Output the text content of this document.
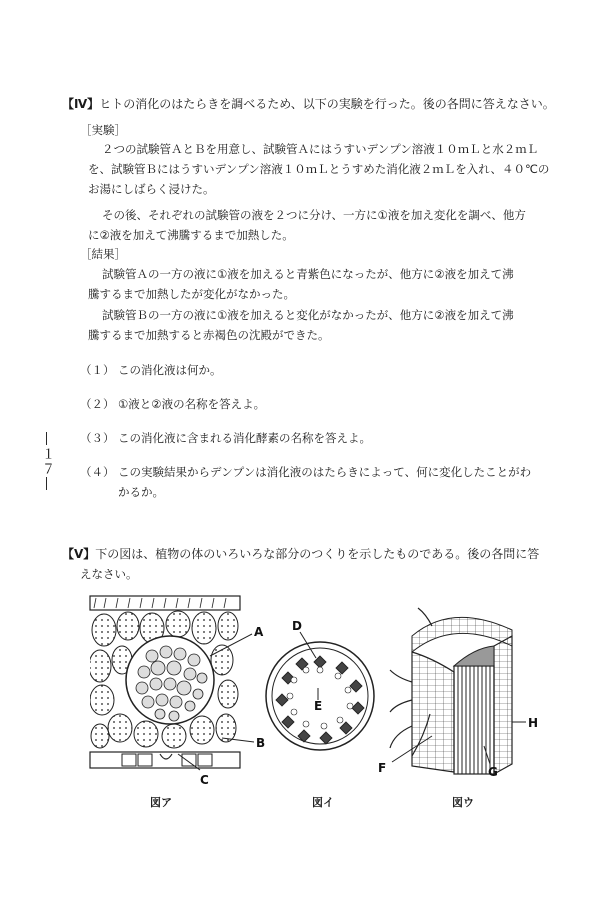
【Ⅳ】ヒトの消化のはたらきを調べるため、以下の実験を行った。後の各問に答えなさい。
［実験］
２つの試験管ＡとＢを用意し、試験管Ａにはうすいデンプン溶液１０ｍＬと水２ｍＬ
を、試験管Ｂにはうすいデンプン溶液１０ｍＬとうすめた消化液２ｍＬを入れ、４０℃の
お湯にしばらく浸けた。
その後、それぞれの試験管の液を２つに分け、一方に①液を加え変化を調べ、他方
に②液を加えて沸騰するまで加熱した。
［結果］
試験管Ａの一方の液に①液を加えると青紫色になったが、他方に②液を加えて沸
騰するまで加熱したが変化がなかった。
試験管Ｂの一方の液に①液を加えると変化がなかったが、他方に②液を加えて沸
騰するまで加熱すると赤褐色の沈殿ができた。
（１） この消化液は何か。
（２） ①液と②液の名称を答えよ。
（３） この消化液に含まれる消化酵素の名称を答えよ。
（４） この実験結果からデンプンは消化液のはたらきによって、何に変化したことがわ
かるか。
―１７―
【Ⅴ】下の図は、植物の体のいろいろな部分のつくりを示したものである。後の各問に答
えなさい。
A
B
C
D
E
F	G
H
図ア	図イ	図ウ
